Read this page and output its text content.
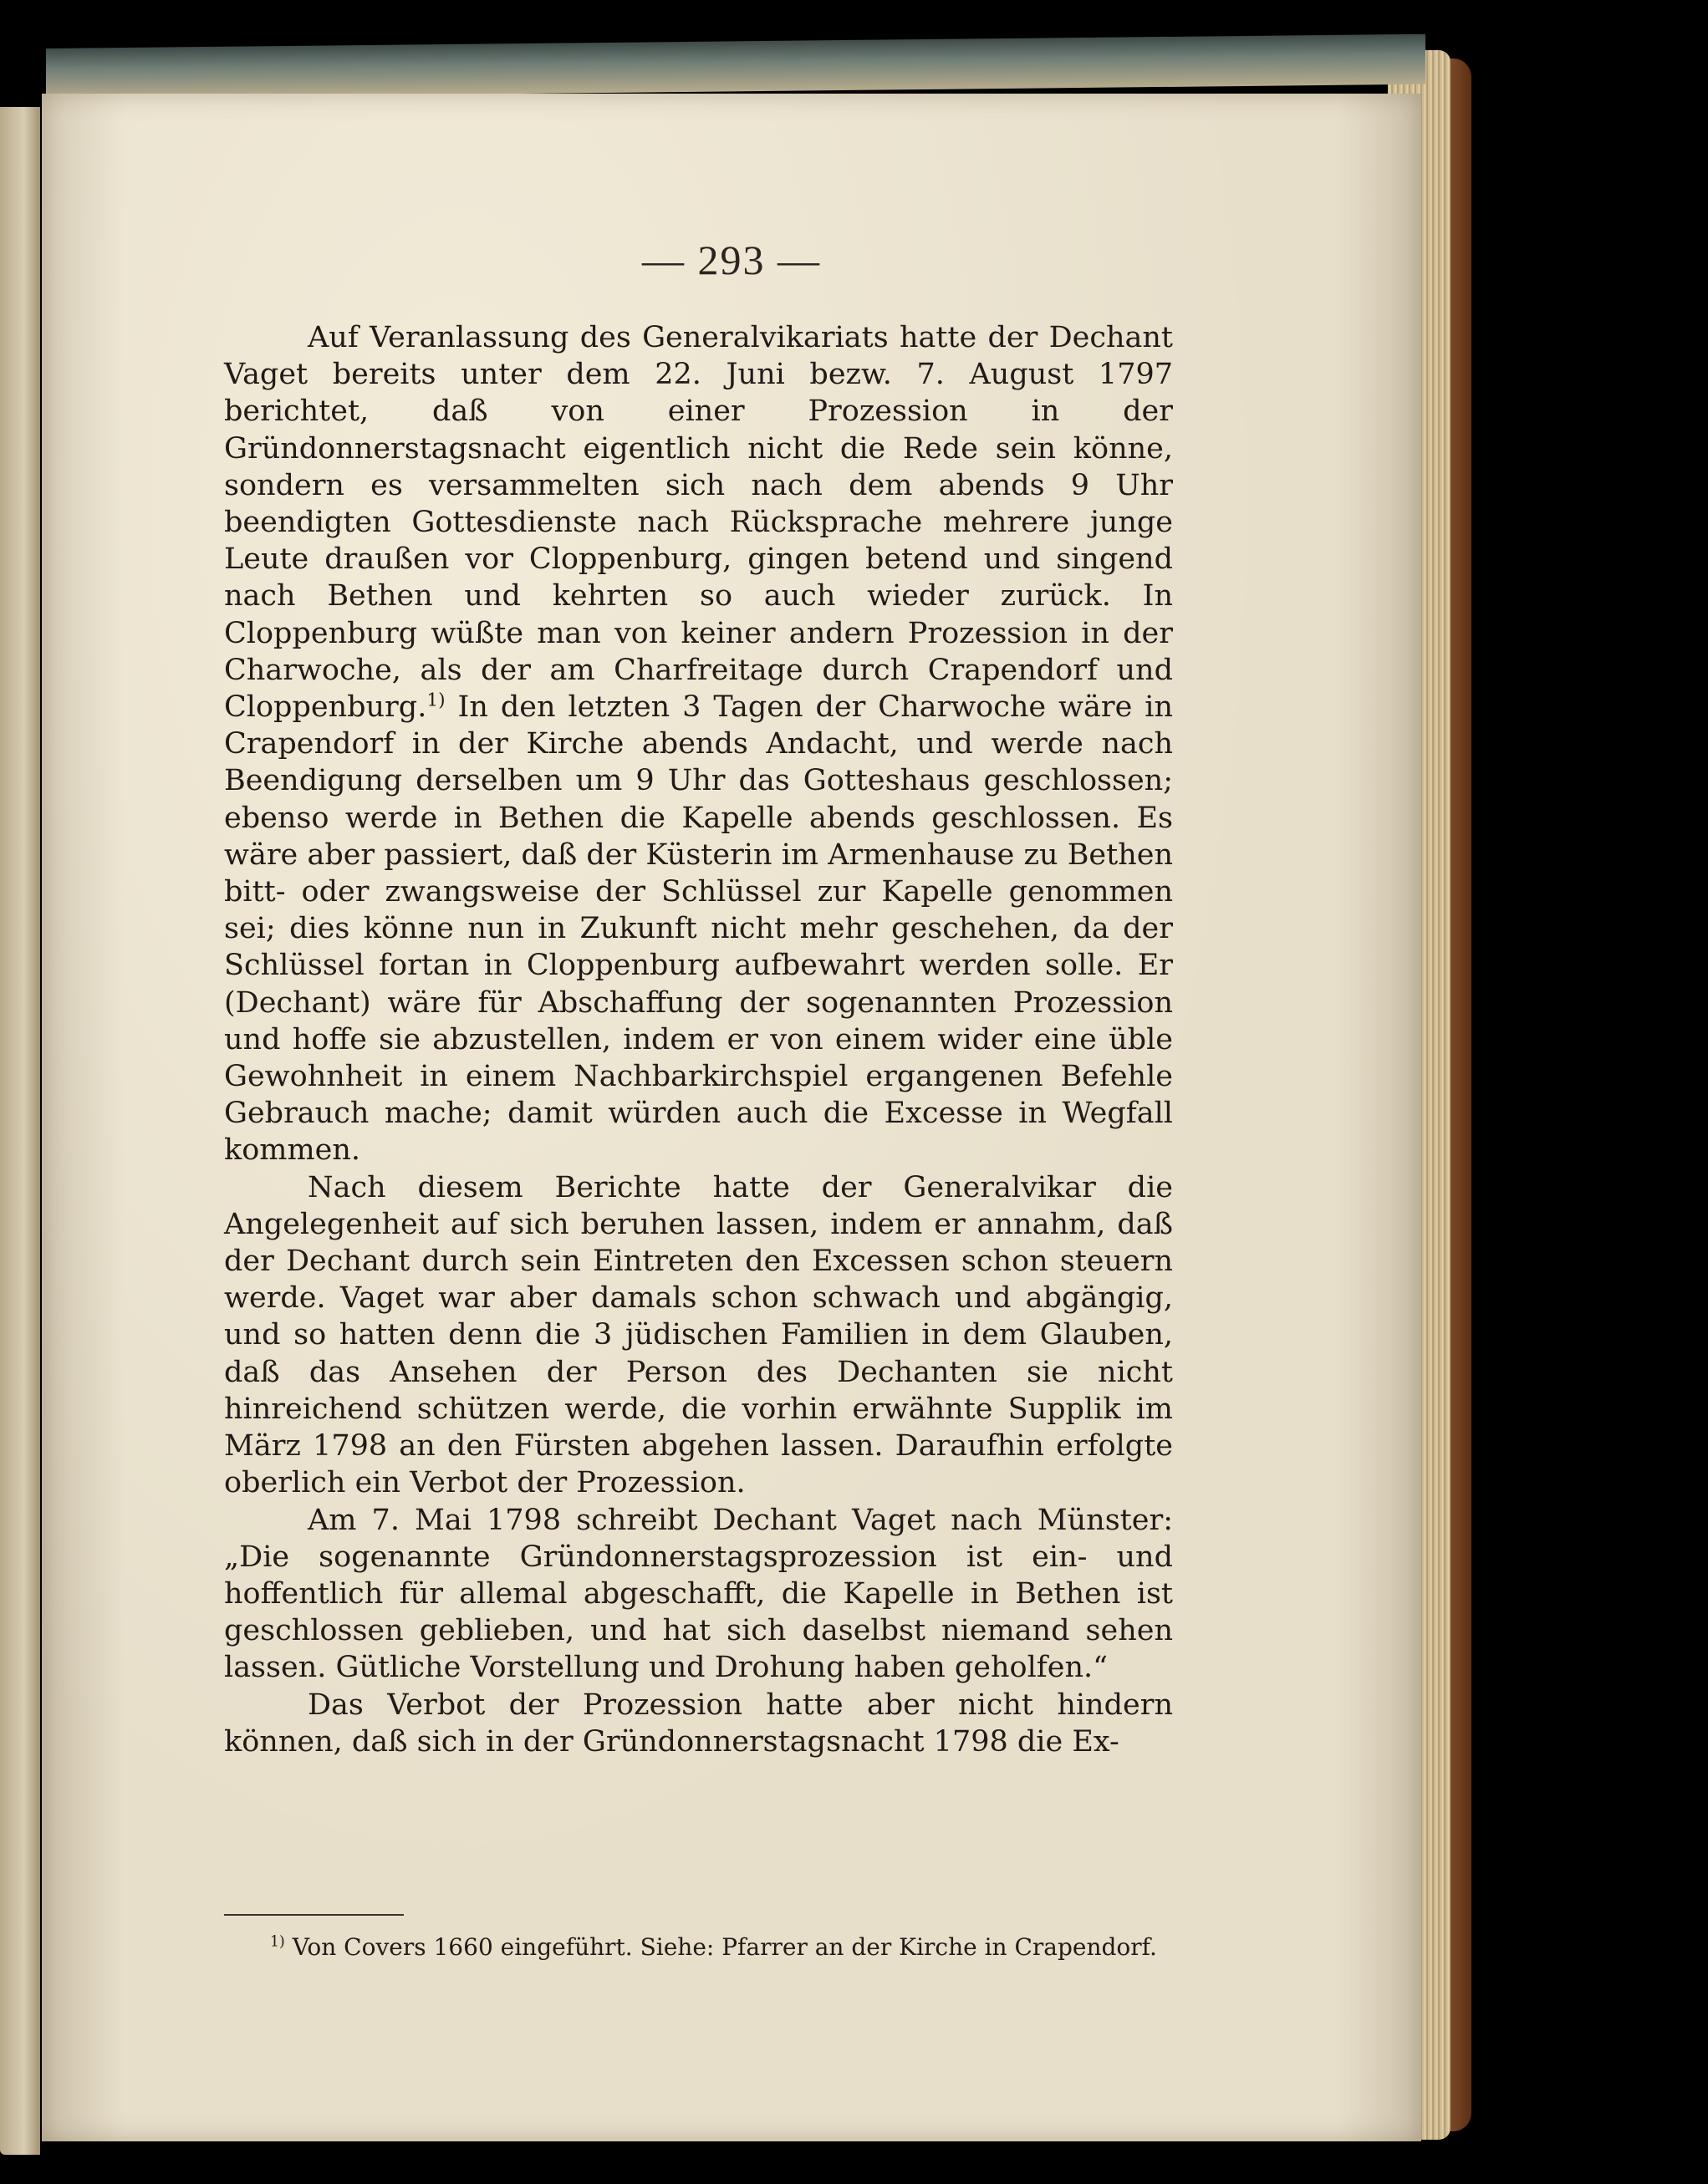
— 293 —

Auf Veranlassung des Generalvikariats hatte der Dechant Vaget bereits unter dem 22. Juni bezw. 7. August 1797 berichtet, daß von einer Prozession in der Gründonnerstagsnacht eigentlich nicht die Rede sein könne, sondern es versammelten sich nach dem abends 9 Uhr beendigten Gottesdienste nach Rücksprache mehrere junge Leute draußen vor Cloppenburg, gingen betend und singend nach Bethen und kehrten so auch wieder zurück. In Cloppenburg wüßte man von keiner andern Prozession in der Charwoche, als der am Charfreitage durch Crapendorf und Cloppenburg.$^{1)}$ In den letzten 3 Tagen der Charwoche wäre in Crapendorf in der Kirche abends Andacht, und werde nach Beendigung derselben um 9 Uhr das Gotteshaus geschlossen; ebenso werde in Bethen die Kapelle abends geschlossen. Es wäre aber passiert, daß der Küsterin im Armenhause zu Bethen bitt- oder zwangsweise der Schlüssel zur Kapelle genommen sei; dies könne nun in Zukunft nicht mehr geschehen, da der Schlüssel fortan in Cloppenburg aufbewahrt werden solle. Er (Dechant) wäre für Abschaffung der sogenannten Prozession und hoffe sie abzustellen, indem er von einem wider eine üble Gewohnheit in einem Nachbarkirchspiel ergangenen Befehle Gebrauch mache; damit würden auch die Excesse in Wegfall kommen.

Nach diesem Berichte hatte der Generalvikar die Angelegenheit auf sich beruhen lassen, indem er annahm, daß der Dechant durch sein Eintreten den Excessen schon steuern werde. Vaget war aber damals schon schwach und abgängig, und so hatten denn die 3 jüdischen Familien in dem Glauben, daß das Ansehen der Person des Dechanten sie nicht hinreichend schützen werde, die vorhin erwähnte Supplik im März 1798 an den Fürsten abgehen lassen. Daraufhin erfolgte oberlich ein Verbot der Prozession.

Am 7. Mai 1798 schreibt Dechant Vaget nach Münster: „Die sogenannte Gründonnerstagsprozession ist ein- und hoffentlich für allemal abgeschafft, die Kapelle in Bethen ist geschlossen geblieben, und hat sich daselbst niemand sehen lassen. Gütliche Vorstellung und Drohung haben geholfen.“

Das Verbot der Prozession hatte aber nicht hindern können, daß sich in der Gründonnerstagsnacht 1798 die Ex-

$^{1)}$ Von Covers 1660 eingeführt. Siehe: Pfarrer an der Kirche in Crapendorf.
